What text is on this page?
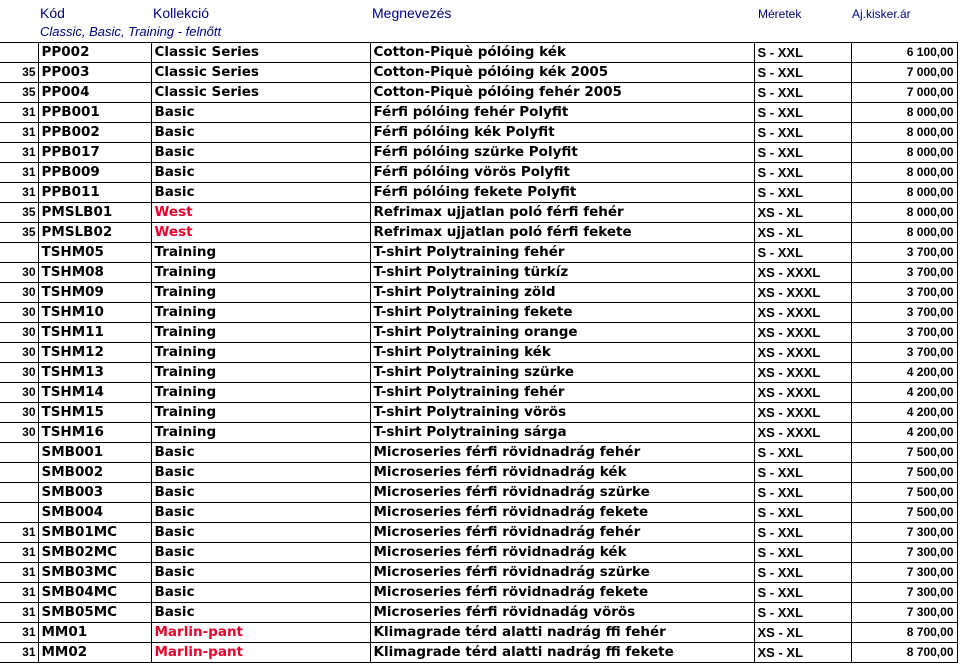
Kód	Kollekció	Megnevezés	Méretek	Aj.kisker.ár
Classic, Basic, Training - felnőtt
	PP002	Classic Series	Cotton-Piquè pólóing kék	S - XXL	6 100,00
35	PP003	Classic Series	Cotton-Piquè pólóing kék 2005	S - XXL	7 000,00
35	PP004	Classic Series	Cotton-Piquè pólóing fehér 2005	S - XXL	7 000,00
31	PPB001	Basic	Férfi pólóing fehér Polyfit	S - XXL	8 000,00
31	PPB002	Basic	Férfi pólóing kék Polyfit	S - XXL	8 000,00
31	PPB017	Basic	Férfi pólóing szürke Polyfit	S - XXL	8 000,00
31	PPB009	Basic	Férfi pólóing vörös Polyfit	S - XXL	8 000,00
31	PPB011	Basic	Férfi pólóing fekete Polyfit	S - XXL	8 000,00
35	PMSLB01	West	Refrimax ujjatlan poló férfi fehér	XS - XL	8 000,00
35	PMSLB02	West	Refrimax ujjatlan poló férfi fekete	XS - XL	8 000,00
	TSHM05	Training	T-shirt Polytraining fehér	S - XXL	3 700,00
30	TSHM08	Training	T-shirt Polytraining türkíz	XS - XXXL	3 700,00
30	TSHM09	Training	T-shirt Polytraining zöld	XS - XXXL	3 700,00
30	TSHM10	Training	T-shirt Polytraining fekete	XS - XXXL	3 700,00
30	TSHM11	Training	T-shirt Polytraining orange	XS - XXXL	3 700,00
30	TSHM12	Training	T-shirt Polytraining kék	XS - XXXL	3 700,00
30	TSHM13	Training	T-shirt Polytraining szürke	XS - XXXL	4 200,00
30	TSHM14	Training	T-shirt Polytraining fehér	XS - XXXL	4 200,00
30	TSHM15	Training	T-shirt Polytraining vörös	XS - XXXL	4 200,00
30	TSHM16	Training	T-shirt Polytraining sárga	XS - XXXL	4 200,00
	SMB001	Basic	Microseries férfi rövidnadrág fehér	S - XXL	7 500,00
	SMB002	Basic	Microseries férfi rövidnadrág kék	S - XXL	7 500,00
	SMB003	Basic	Microseries férfi rövidnadrág szürke	S - XXL	7 500,00
	SMB004	Basic	Microseries férfi rövidnadrág fekete	S - XXL	7 500,00
31	SMB01MC	Basic	Microseries férfi rövidnadrág fehér	S - XXL	7 300,00
31	SMB02MC	Basic	Microseries férfi rövidnadrág kék	S - XXL	7 300,00
31	SMB03MC	Basic	Microseries férfi rövidnadrág szürke	S - XXL	7 300,00
31	SMB04MC	Basic	Microseries férfi rövidnadrág fekete	S - XXL	7 300,00
31	SMB05MC	Basic	Microseries férfi rövidnadág vörös	S - XXL	7 300,00
31	MM01	Marlin-pant	Klimagrade térd alatti nadrág ffi fehér	XS - XL	8 700,00
31	MM02	Marlin-pant	Klimagrade térd alatti nadrág ffi fekete	XS - XL	8 700,00
